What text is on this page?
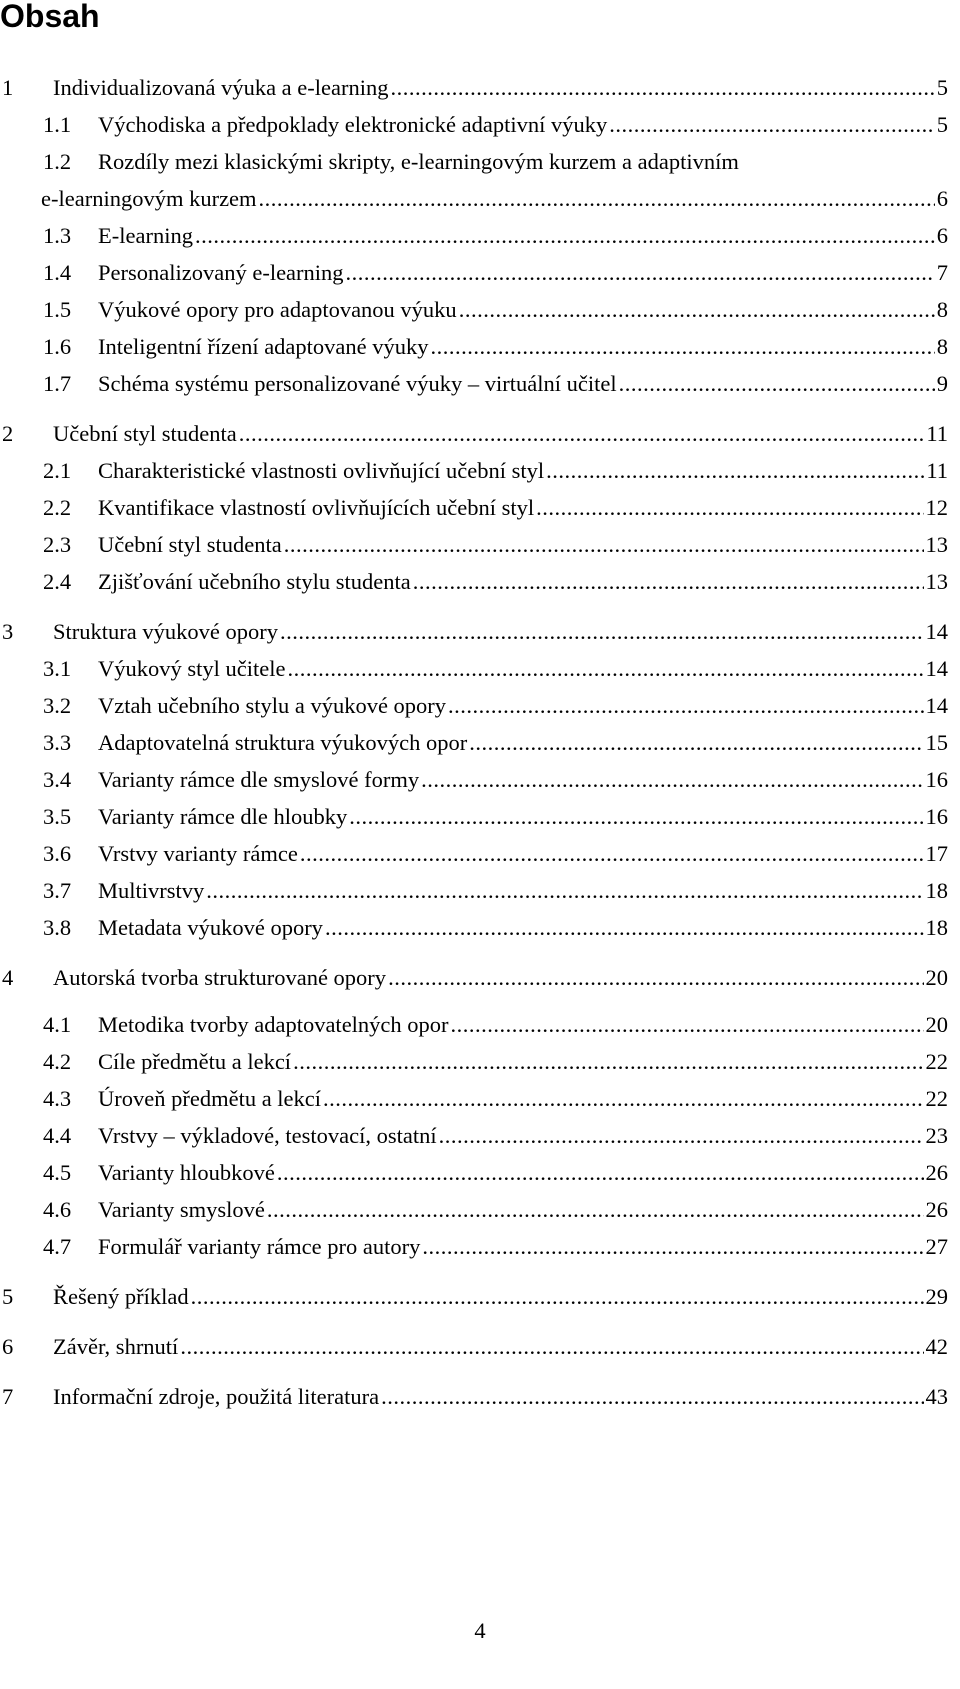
Obsah
1 Individualizovaná výuka a e-learning .....	5
1.1 Východiska a předpoklady elektronické adaptivní výuky .....	5
1.2 Rozdíly mezi klasickými skripty, e-learningovým kurzem a adaptivním
e-learningovým kurzem .....	6
1.3 E-learning .....	6
1.4 Personalizovaný e-learning .....	7
1.5 Výukové opory pro adaptovanou výuku .....	8
1.6 Inteligentní řízení adaptované výuky .....	8
1.7 Schéma systému personalizované výuky – virtuální učitel .....	9
2 Učební styl studenta .....	11
2.1 Charakteristické vlastnosti ovlivňující učební styl .....	11
2.2 Kvantifikace vlastností ovlivňujících učební styl .....	12
2.3 Učební styl studenta .....	13
2.4 Zjišťování učebního stylu studenta .....	13
3 Struktura výukové opory .....	14
3.1 Výukový styl učitele .....	14
3.2 Vztah učebního stylu a výukové opory .....	14
3.3 Adaptovatelná struktura výukových opor .....	15
3.4 Varianty rámce dle smyslové formy .....	16
3.5 Varianty rámce dle hloubky .....	16
3.6 Vrstvy varianty rámce .....	17
3.7 Multivrstvy .....	18
3.8 Metadata výukové opory .....	18
4 Autorská tvorba strukturované opory .....	20
4.1 Metodika tvorby adaptovatelných opor .....	20
4.2 Cíle předmětu a lekcí .....	22
4.3 Úroveň předmětu a lekcí .....	22
4.4 Vrstvy – výkladové, testovací, ostatní .....	23
4.5 Varianty hloubkové .....	26
4.6 Varianty smyslové .....	26
4.7 Formulář varianty rámce pro autory .....	27
5 Řešený příklad .....	29
6 Závěr, shrnutí .....	42
7 Informační zdroje, použitá literatura .....	43
4
